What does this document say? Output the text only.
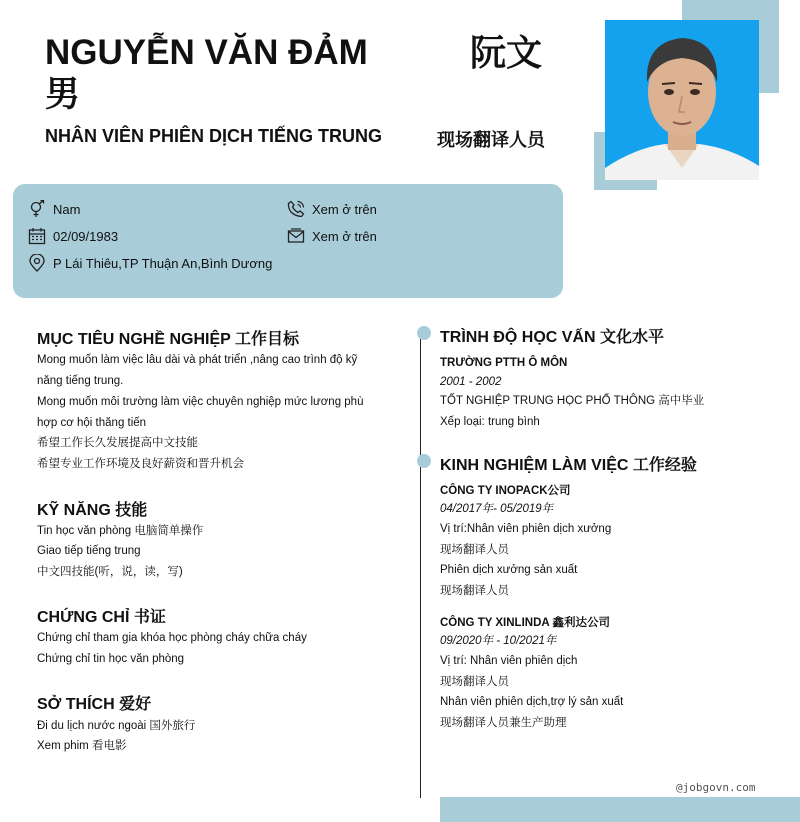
NGUYỄN VĂN ĐẢM 男
阮文
NHÂN VIÊN PHIÊN DỊCH TIẾNG TRUNG	现场翻译人员
Nam
02/09/1983
P Lái Thiêu,TP Thuận An,Bình Dương
Xem ở trên
Xem ở trên
MỤC TIÊU NGHỀ NGHIỆP 工作目标
Mong muốn làm việc lâu dài và phát triển ,nâng cao trình độ kỹ
năng tiếng trung.
Mong muốn môi trường làm việc chuyên nghiệp mức lương phù
hợp cơ hội thăng tiến
希望工作长久发展提高中文技能
希望专业工作环境及良好薪资和晋升机会
KỸ NĂNG 技能
Tin học văn phòng 电脑简单操作
Giao tiếp tiếng trung
中文四技能(听，说，读，写)
CHỨNG CHỈ 书证
Chứng chỉ tham gia khóa học phòng cháy chữa cháy
Chứng chỉ tin học văn phòng
SỞ THÍCH 爱好
Đi du lịch nước ngoài 国外旅行
Xem phim 看电影
TRÌNH ĐỘ HỌC VẤN 文化水平
TRƯỜNG PTTH Ô MÔN
2001 - 2002
TỐT NGHIỆP TRUNG HỌC PHỔ THÔNG 高中毕业
Xếp loại: trung bình
KINH NGHIỆM LÀM VIỆC 工作经验
CÔNG TY INOPACK公司
04/2017年- 05/2019年
Vị trí:Nhân viên phiên dịch xưởng
现场翻译人员
Phiên dịch xưởng sản xuất
现场翻译人员
CÔNG TY XINLINDA 鑫利达公司
09/2020年 - 10/2021年
Vị trí: Nhân viên phiên dịch
现场翻译人员
Nhân viên phiên dịch,trợ lý sản xuất
现场翻译人员兼生产助理
@jobgovn.com
